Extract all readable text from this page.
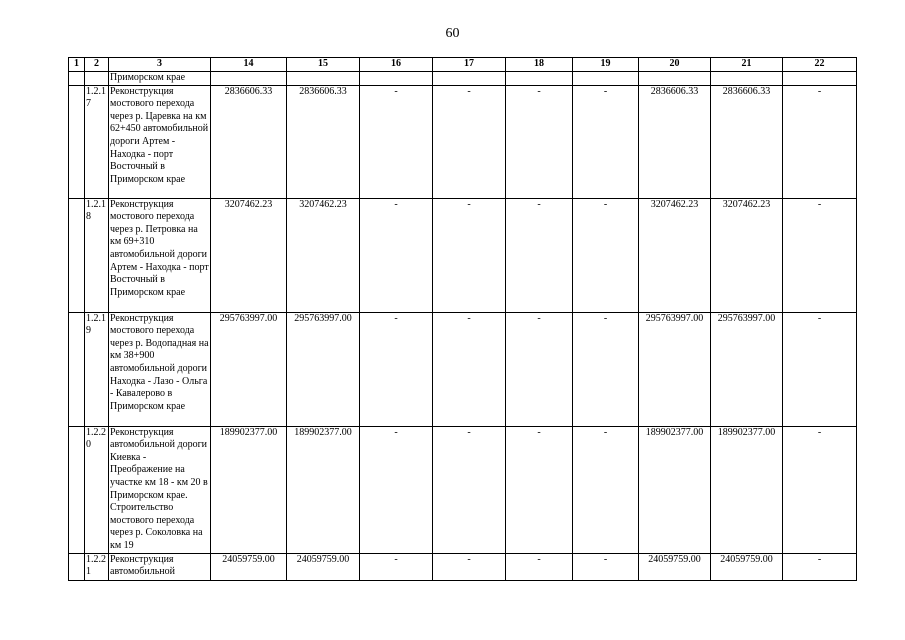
60
1	2	3	14	15	16	17	18	19	20	21	22
		Приморском крае									
	1.2.17	Реконструкция мостового перехода через р. Царевка на км 62+450 автомобильной дороги Артем - Находка - порт Восточный в Приморском крае	2836606.33	2836606.33	-	-	-	-	2836606.33	2836606.33	-
	1.2.18	Реконструкция мостового перехода через р. Петровка на км 69+310 автомобильной дороги Артем - Находка - порт Восточный в Приморском крае	3207462.23	3207462.23	-	-	-	-	3207462.23	3207462.23	-
	1.2.19	Реконструкция мостового перехода через р. Водопадная на км 38+900 автомобильной дороги Находка - Лазо - Ольга - Кавалерово в Приморском крае	295763997.00	295763997.00	-	-	-	-	295763997.00	295763997.00	-
	1.2.20	Реконструкция автомобильной дороги Киевка - Преображение на участке км 18 - км 20 в Приморском крае. Строительство мостового перехода через р. Соколовка на км 19	189902377.00	189902377.00	-	-	-	-	189902377.00	189902377.00	-
	1.2.21	Реконструкция автомобильной	24059759.00	24059759.00	-	-	-	-	24059759.00	24059759.00	-
